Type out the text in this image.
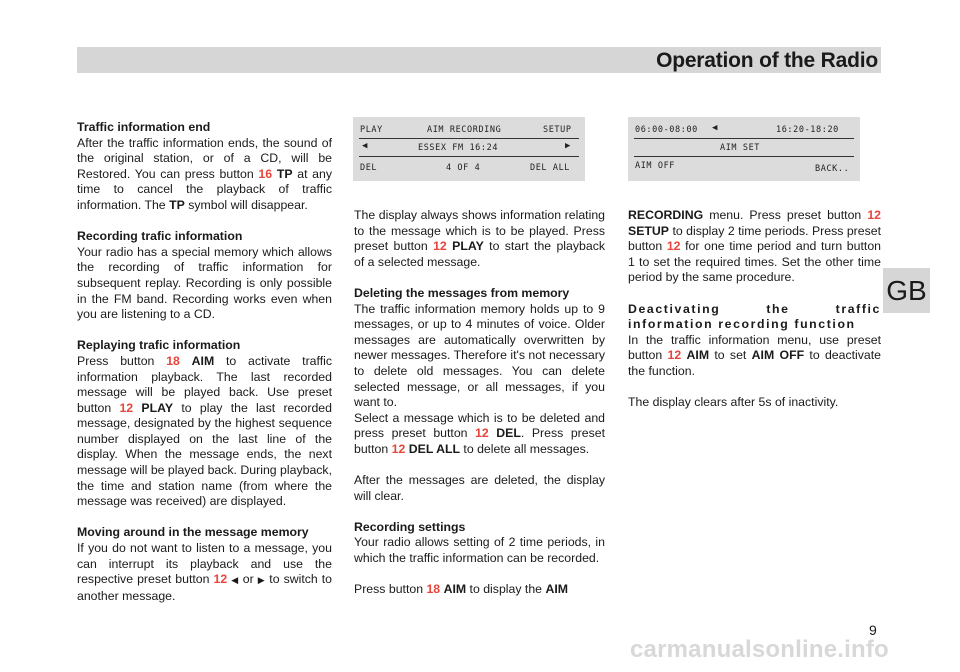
Operation of the Radio
GB

Traffic information end

After the traffic information ends, the sound of the original station, or of a CD, will be Restored. You can press button 16 TP at any time to cancel the playback of traffic information. The TP symbol will disappear.

Recording trafic information

Your radio has a special memory which allows the recording of traffic information for subsequent replay. Recording is only possible in the FM band. Recording works even when you are listening to a CD.

Replaying trafic information

Press button 18 AIM to activate traffic information playback. The last recorded message will be played back. Use preset button 12 PLAY to play the last recorded message, designated by the highest sequence number displayed on the last line of the display. When the message ends, the next message will be played back. During playback, the time and station name (from where the message was received) are displayed.

Moving around in the message memory

If you do not want to listen to a message, you can interrupt its playback and use the respective preset button 12 ◀ or ▶ to switch to another message.

PLAY	AIM RECORDING	SETUP
◀	ESSEX FM 16:24	▶
DEL	4 OF 4	DEL ALL
06:00-08:00 ◀	16:20-18:20
AIM SET
AIM OFF	BACK..

The display always shows information relating to the message which is to be played. Press preset button 12 PLAY to start the playback of a selected message.

Deleting the messages from memory

The traffic information memory holds up to 9 messages, or up to 4 minutes of voice. Older messages are automatically overwritten by newer messages. Therefore it's not necessary to delete old messages. You can delete selected message, or all messages, if you want to.

Select a message which is to be deleted and press preset button 12 DEL. Press preset button 12 DEL ALL to delete all messages.

After the messages are deleted, the display will clear.

Recording settings

Your radio allows setting of 2 time periods, in which the traffic information can be recorded.

Press button 18 AIM to display the AIM

RECORDING menu. Press preset button 12 SETUP to display 2 time periods. Press preset button 12 for one time period and turn button 1 to set the required times. Set the other time period by the same procedure.

Deactivating the traffic information recording function

In the traffic information menu, use preset button 12 AIM to set AIM OFF to deactivate the function.

The display clears after 5s of inactivity.

9
carmanualsonline.info
